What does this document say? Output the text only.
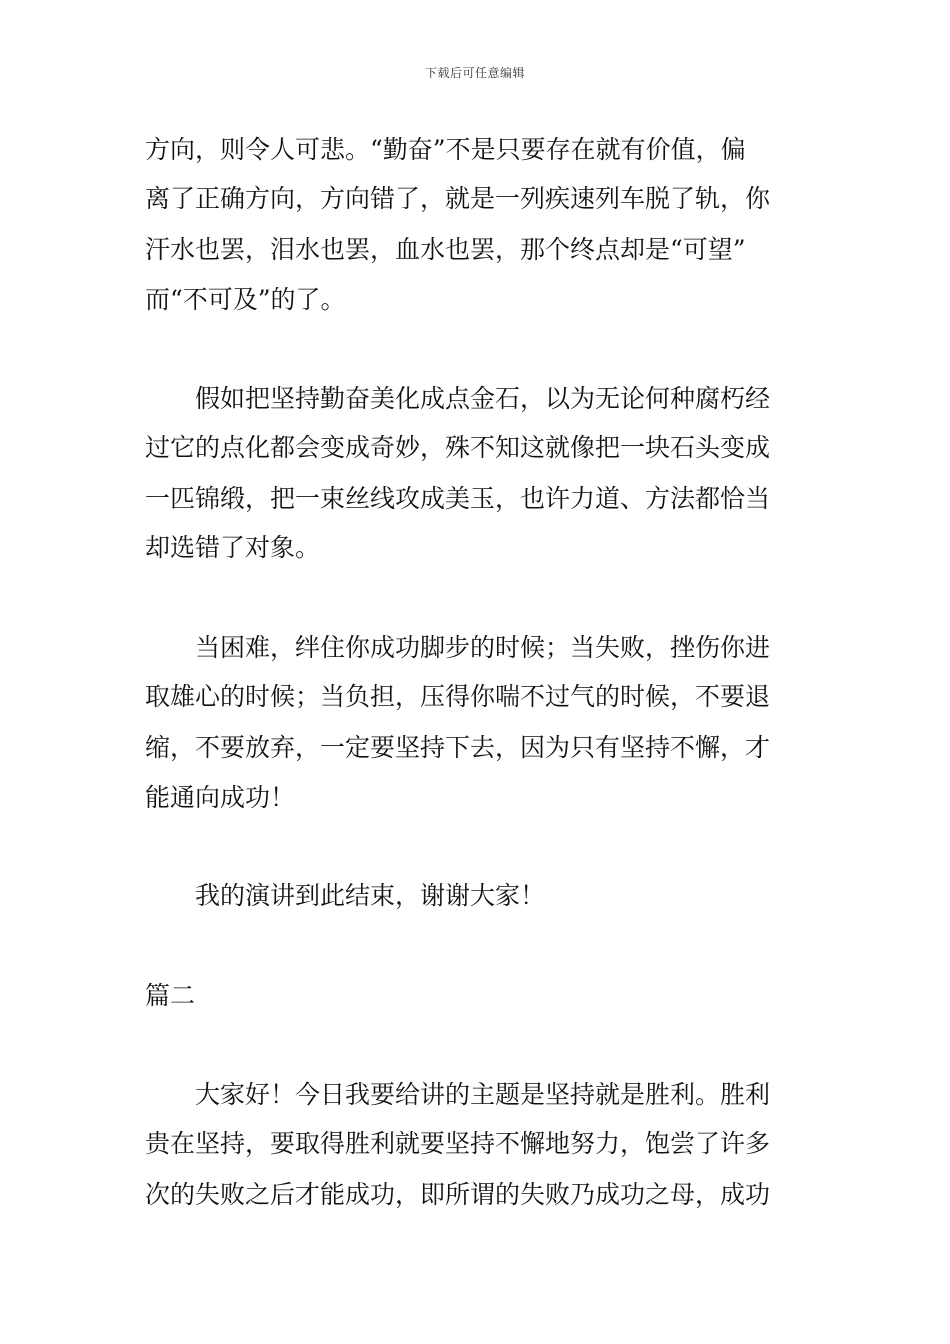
下载后可任意编辑
方向，则令人可悲。“勤奋”不是只要存在就有价值，偏
离了正确方向，方向错了，就是一列疾速列车脱了轨，你
汗水也罢，泪水也罢，血水也罢，那个终点却是“可望”
而“不可及”的了。
假如把坚持勤奋美化成点金石，以为无论何种腐朽经
过它的点化都会变成奇妙，殊不知这就像把一块石头变成
一匹锦缎，把一束丝线攻成美玉，也许力道、方法都恰当
却选错了对象。
当困难，绊住你成功脚步的时候；当失败，挫伤你进
取雄心的时候；当负担，压得你喘不过气的时候，不要退
缩，不要放弃，一定要坚持下去，因为只有坚持不懈，才
能通向成功！
我的演讲到此结束，谢谢大家！
篇二
大家好！今日我要给讲的主题是坚持就是胜利。胜利
贵在坚持，要取得胜利就要坚持不懈地努力，饱尝了许多
次的失败之后才能成功，即所谓的失败乃成功之母，成功
